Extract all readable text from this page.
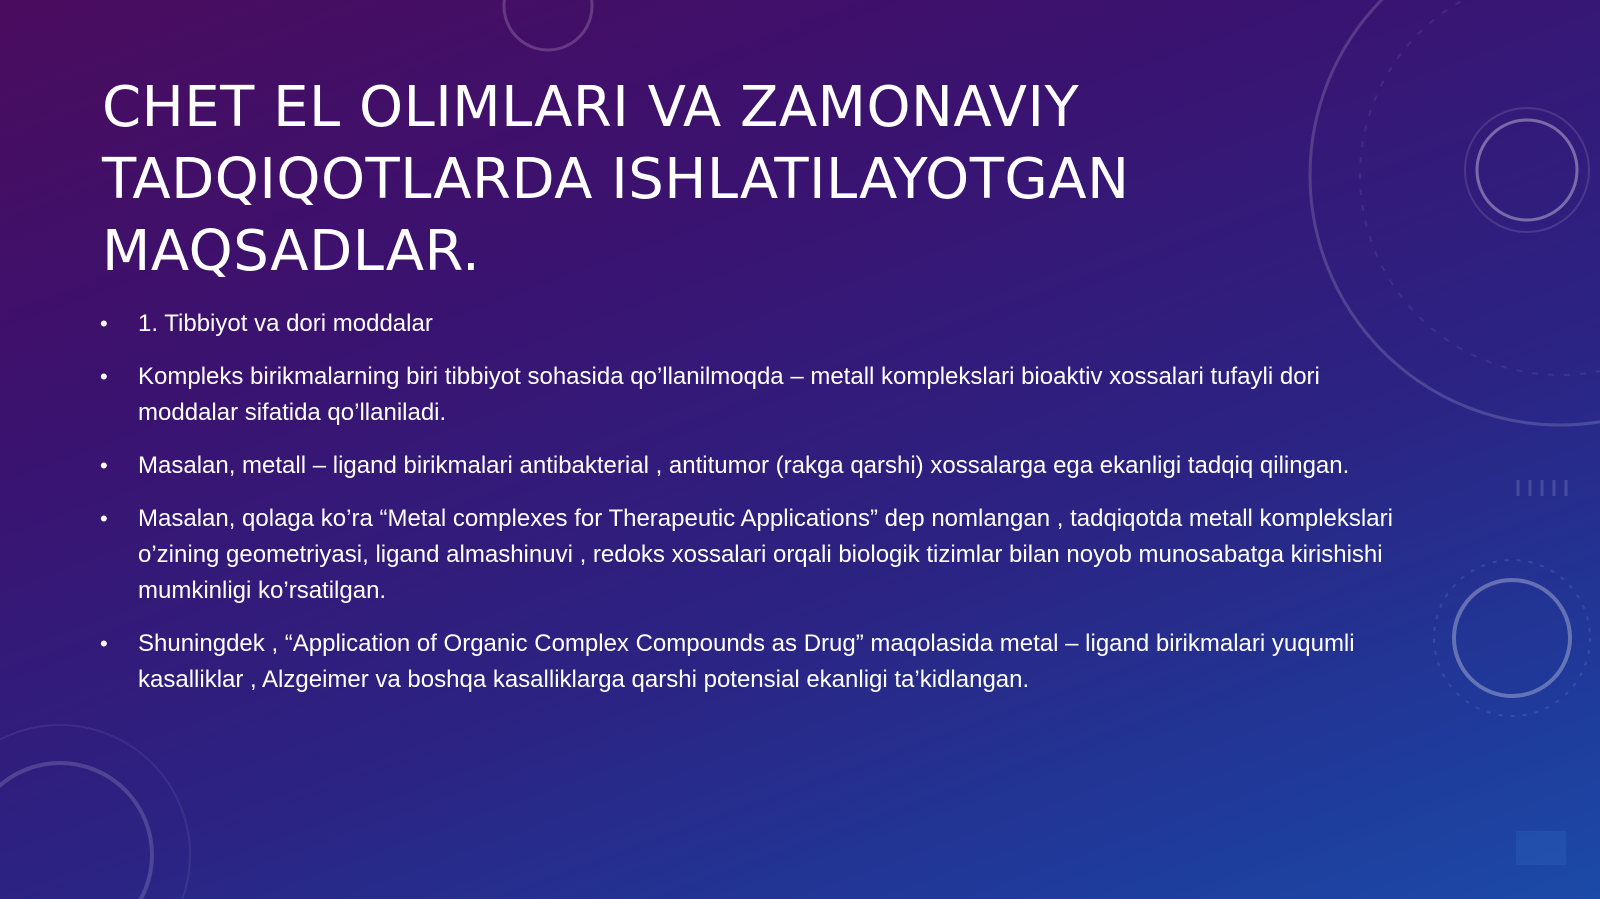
CHET EL OLIMLARI VA ZAMONAVIY TADQIQOTLARDA ISHLATILAYOTGAN MAQSADLAR.
• 1. Tibbiyot va dori moddalar
• Kompleks birikmalarning biri tibbiyot sohasida qo’llanilmoqda – metall komplekslari bioaktiv xossalari tufayli dori moddalar sifatida qo’llaniladi.
• Masalan, metall – ligand birikmalari antibakterial , antitumor (rakga qarshi) xossalarga ega ekanligi tadqiq qilingan.
• Masalan, qolaga ko’ra “Metal complexes for Therapeutic Applications” dep nomlangan , tadqiqotda metall komplekslari o’zining geometriyasi, ligand almashinuvi , redoks xossalari orqali biologik tizimlar bilan noyob munosabatga kirishishi mumkinligi ko’rsatilgan.
• Shuningdek , “Application of Organic Complex Compounds as Drug” maqolasida metal – ligand birikmalari yuqumli kasalliklar , Alzgeimer va boshqa kasalliklarga qarshi potensial ekanligi ta’kidlangan.
